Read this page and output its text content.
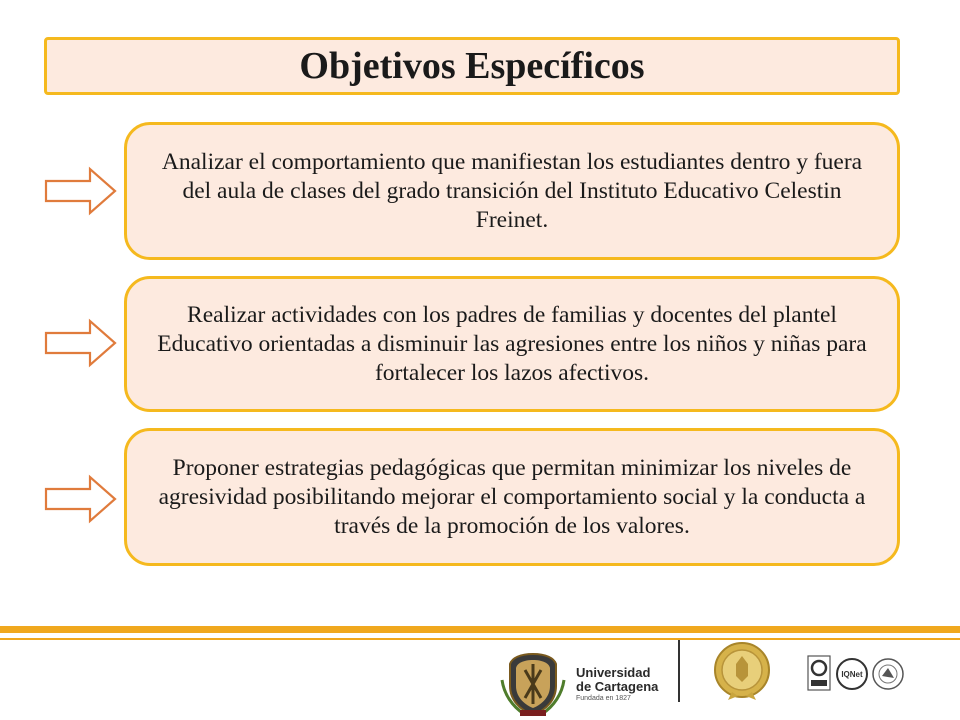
Objetivos Específicos
Analizar el comportamiento que manifiestan los estudiantes dentro y fuera del aula de clases del grado transición del Instituto Educativo Celestin Freinet.
Realizar actividades con los padres de familias y docentes del plantel Educativo orientadas a disminuir las agresiones entre los niños y niñas para fortalecer los lazos afectivos.
Proponer estrategias pedagógicas que permitan minimizar los niveles de agresividad posibilitando mejorar el comportamiento social y la conducta a través de la promoción de los valores.
Universidad
de Cartagena
Fundada en 1827
IQNet
